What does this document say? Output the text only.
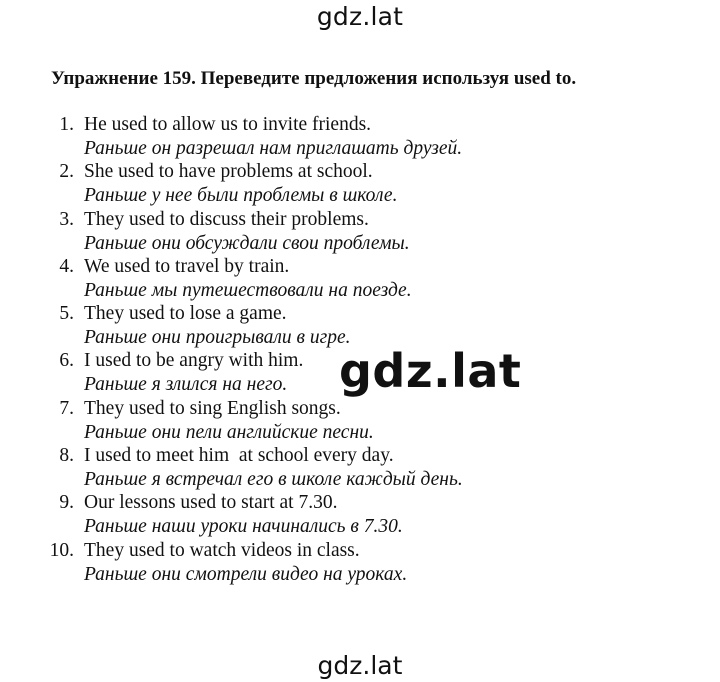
gdz.lat
Упражнение 159. Переведите предложения используя used to.
1. He used to allow us to invite friends.
Раньше он разрешал нам приглашать друзей.
2. She used to have problems at school.
Раньше у нее были проблемы в школе.
3. They used to discuss their problems.
Раньше они обсуждали свои проблемы.
4. We used to travel by train.
Раньше мы путешествовали на поезде.
5. They used to lose a game.
Раньше они проигрывали в игре.
6. I used to be angry with him.
Раньше я злился на него.
7. They used to sing English songs.
Раньше они пели английские песни.
8. I used to meet him  at school every day.
Раньше я встречал его в школе каждый день.
9. Our lessons used to start at 7.30.
Раньше наши уроки начинались в 7.30.
10. They used to watch videos in class.
Раньше они смотрели видео на уроках.
gdz.lat
gdz.lat
